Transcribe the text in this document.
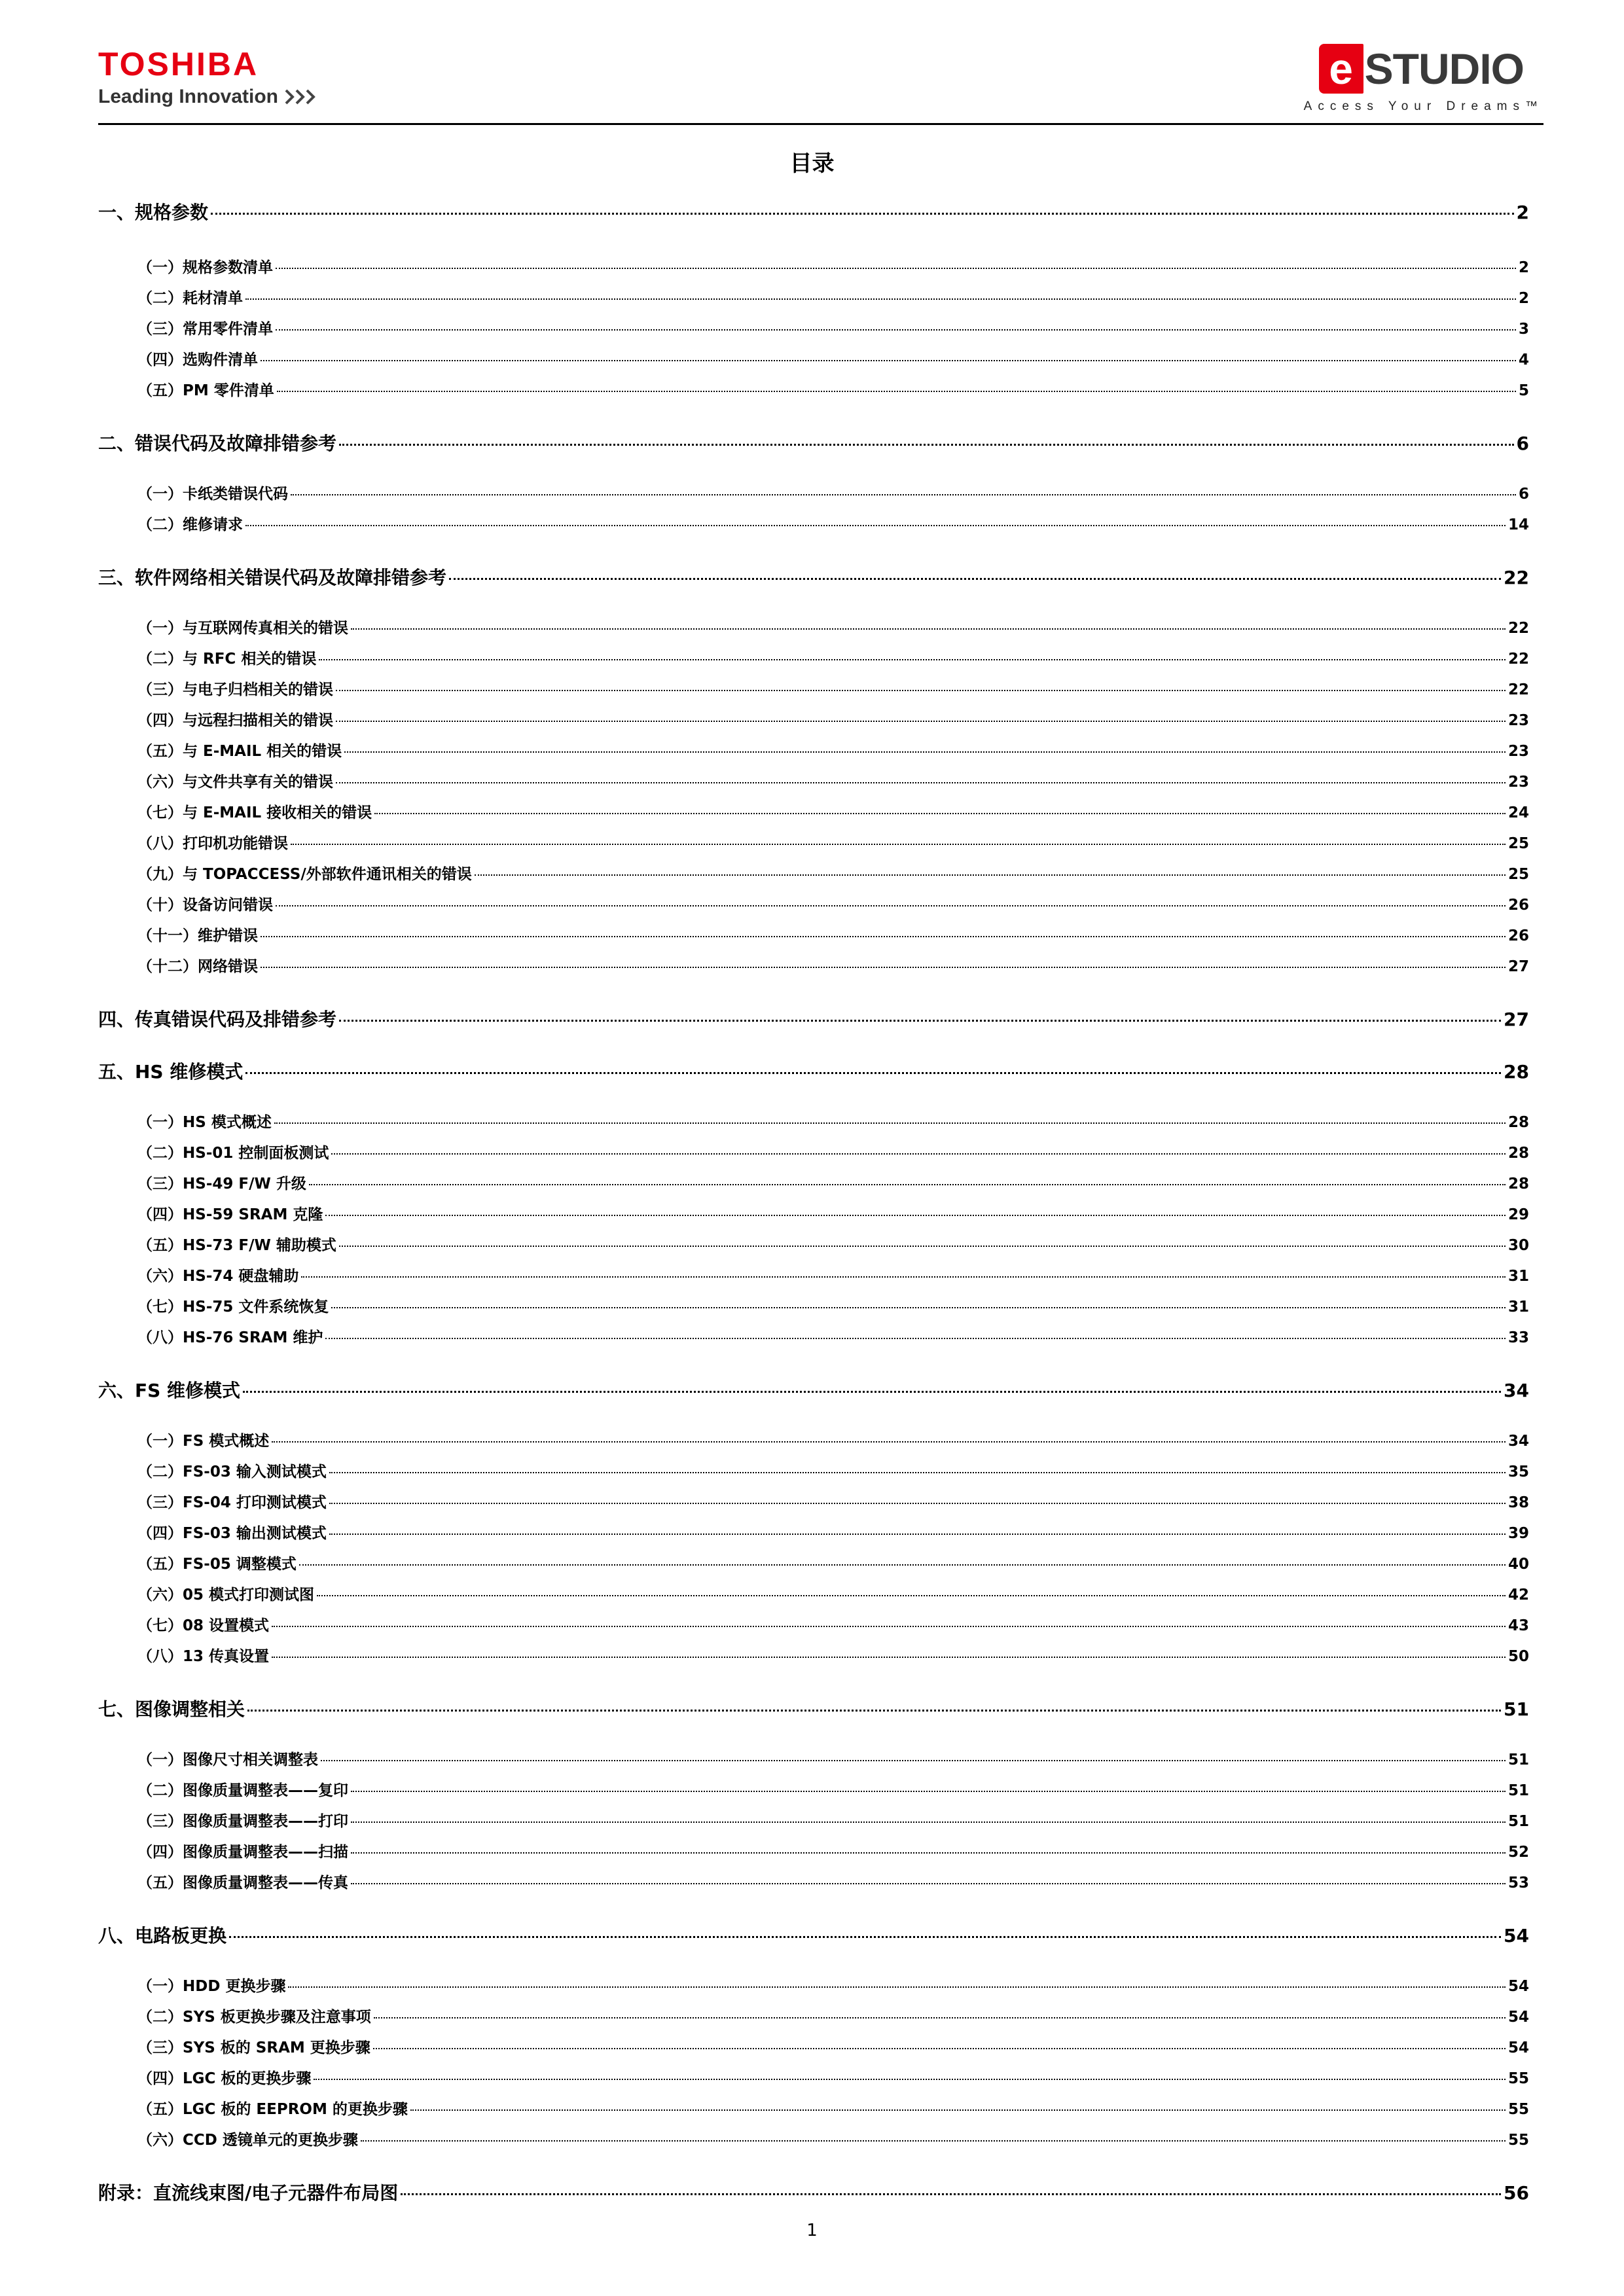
TOSHIBA
Leading Innovation
e STUDIO
Access Your Dreams™
目录
一、规格参数	2
（一）规格参数清单	2
（二）耗材清单	2
（三）常用零件清单	3
（四）选购件清单	4
（五）PM 零件清单	5
二、错误代码及故障排错参考	6
（一）卡纸类错误代码	6
（二）维修请求	14
三、软件网络相关错误代码及故障排错参考	22
（一）与互联网传真相关的错误	22
（二）与 RFC 相关的错误	22
（三）与电子归档相关的错误	22
（四）与远程扫描相关的错误	23
（五）与 E-MAIL 相关的错误	23
（六）与文件共享有关的错误	23
（七）与 E-MAIL 接收相关的错误	24
（八）打印机功能错误	25
（九）与 TOPACCESS/外部软件通讯相关的错误	25
（十）设备访问错误	26
（十一）维护错误	26
（十二）网络错误	27
四、传真错误代码及排错参考	27
五、HS 维修模式	28
（一）HS 模式概述	28
（二）HS-01 控制面板测试	28
（三）HS-49 F/W 升级	28
（四）HS-59 SRAM 克隆	29
（五）HS-73 F/W 辅助模式	30
（六）HS-74 硬盘辅助	31
（七）HS-75 文件系统恢复	31
（八）HS-76 SRAM 维护	33
六、FS 维修模式	34
（一）FS 模式概述	34
（二）FS-03 输入测试模式	35
（三）FS-04 打印测试模式	38
（四）FS-03 输出测试模式	39
（五）FS-05 调整模式	40
（六）05 模式打印测试图	42
（七）08 设置模式	43
（八）13 传真设置	50
七、图像调整相关	51
（一）图像尺寸相关调整表	51
（二）图像质量调整表——复印	51
（三）图像质量调整表——打印	51
（四）图像质量调整表——扫描	52
（五）图像质量调整表——传真	53
八、电路板更换	54
（一）HDD 更换步骤	54
（二）SYS 板更换步骤及注意事项	54
（三）SYS 板的 SRAM 更换步骤	54
（四）LGC 板的更换步骤	55
（五）LGC 板的 EEPROM 的更换步骤	55
（六）CCD 透镜单元的更换步骤	55
附录：直流线束图/电子元器件布局图	56
1
